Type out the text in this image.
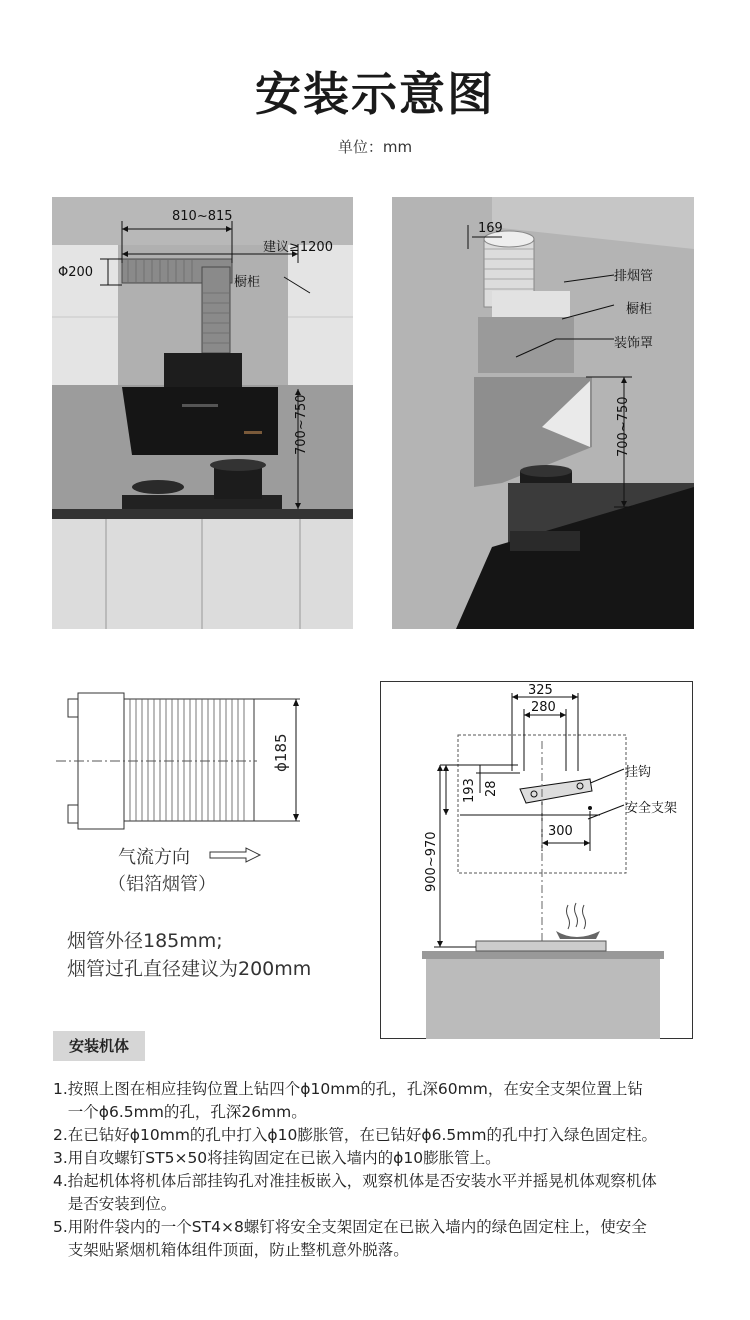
安装示意图
单位：mm
810~815
建议≥1200
Φ200
橱柜
700~750
169
排烟管
橱柜
装饰罩
700~750
ϕ185
气流方向
（铝箔烟管）
烟管外径185mm;
烟管过孔直径建议为200mm
325
280
193 28
300
900~970
挂钩
安全支架
安装机体
1.按照上图在相应挂钩位置上钻四个ϕ10mm的孔，孔深60mm，在安全支架位置上钻
一个ϕ6.5mm的孔，孔深26mm。
2.在已钻好ϕ10mm的孔中打入ϕ10膨胀管，在已钻好ϕ6.5mm的孔中打入绿色固定柱。
3.用自攻螺钉ST5×50将挂钩固定在已嵌入墙内的ϕ10膨胀管上。
4.抬起机体将机体后部挂钩孔对准挂板嵌入，观察机体是否安装水平并摇晃机体观察机体
是否安装到位。
5.用附件袋内的一个ST4×8螺钉将安全支架固定在已嵌入墙内的绿色固定柱上，使安全
支架贴紧烟机箱体组件顶面，防止整机意外脱落。
